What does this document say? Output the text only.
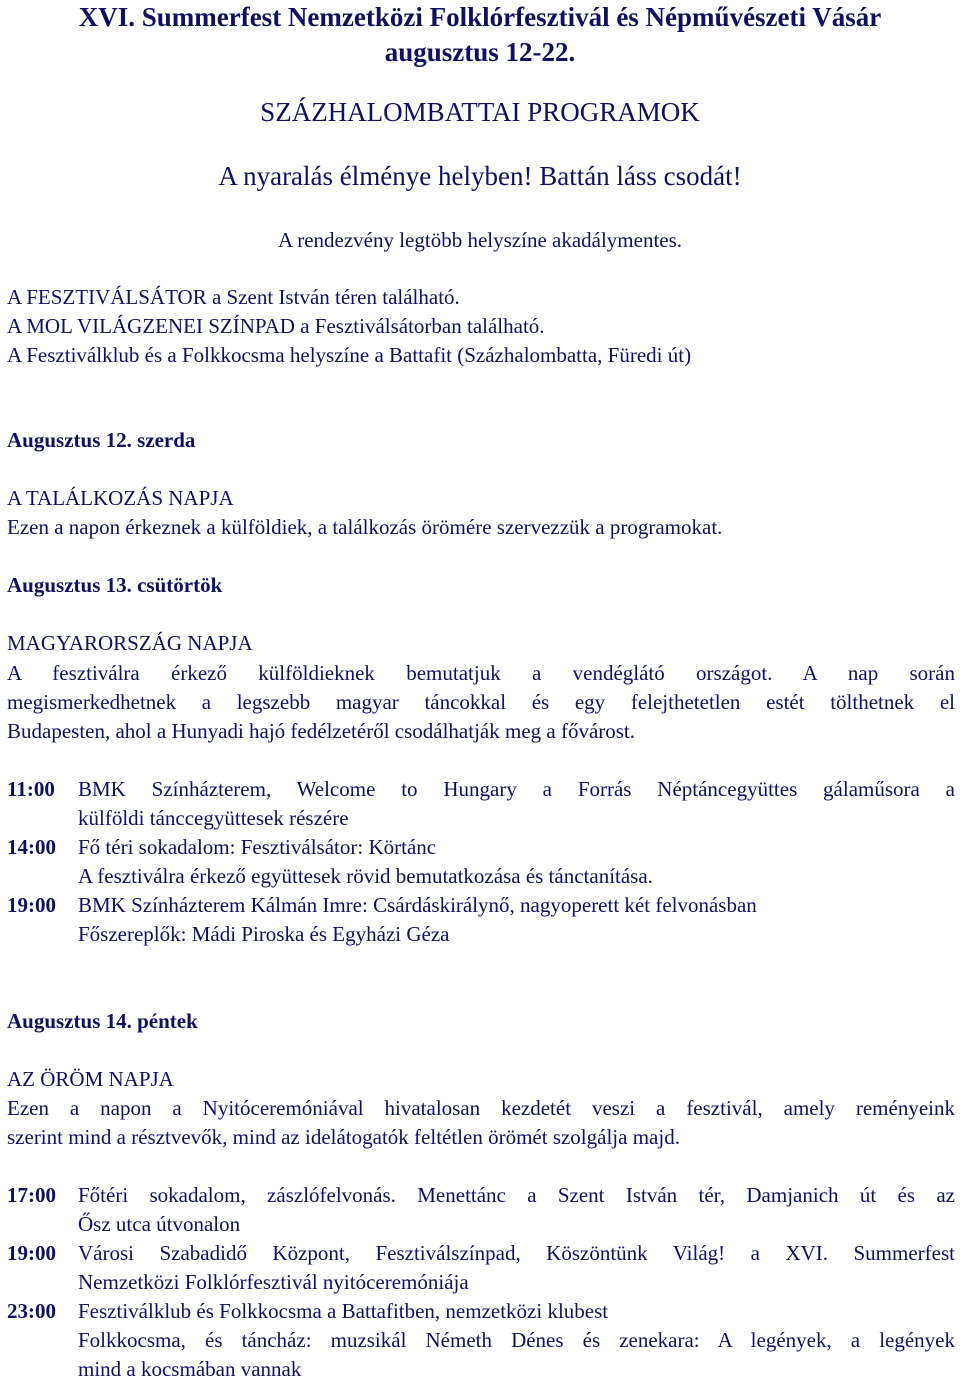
XVI. Summerfest Nemzetközi Folklórfesztivál és Népművészeti Vásár
augusztus 12-22.
SZÁZHALOMBATTAI PROGRAMOK
A nyaralás élménye helyben! Battán láss csodát!
A rendezvény legtöbb helyszíne akadálymentes.
A FESZTIVÁLSÁTOR a Szent István téren található.
A MOL VILÁGZENEI SZÍNPAD a Fesztiválsátorban található.
A Fesztiválklub és a Folkkocsma helyszíne a Battafit (Százhalombatta, Füredi út)
Augusztus 12. szerda
A TALÁLKOZÁS NAPJA
Ezen a napon érkeznek a külföldiek, a találkozás örömére szervezzük a programokat.
Augusztus 13. csütörtök
MAGYARORSZÁG NAPJA
A fesztiválra érkező külföldieknek bemutatjuk a vendéglátó országot. A nap során
megismerkedhetnek a legszebb magyar táncokkal és egy felejthetetlen estét tölthetnek el
Budapesten, ahol a Hunyadi hajó fedélzetéről csodálhatják meg a fővárost.
11:00 BMK Színházterem, Welcome to Hungary a Forrás Néptáncegyüttes gálaműsora a
külföldi tánccegyüttesek részére
14:00 Fő téri sokadalom: Fesztiválsátor: Körtánc
A fesztiválra érkező együttesek rövid bemutatkozása és tánctanítása.
19:00 BMK Színházterem Kálmán Imre: Csárdáskirálynő, nagyoperett két felvonásban
Főszereplők: Mádi Piroska és Egyházi Géza
Augusztus 14. péntek
AZ ÖRÖM NAPJA
Ezen a napon a Nyitóceremóniával hivatalosan kezdetét veszi a fesztivál, amely reményeink
szerint mind a résztvevők, mind az idelátogatók feltétlen örömét szolgálja majd.
17:00 Főtéri sokadalom, zászlófelvonás. Menettánc a Szent István tér, Damjanich út és az
Ősz utca útvonalon
19:00 Városi Szabadidő Központ, Fesztiválszínpad, Köszöntünk Világ! a XVI. Summerfest
Nemzetközi Folklórfesztivál nyitóceremóniája
23:00 Fesztiválklub és Folkkocsma a Battafitben, nemzetközi klubest
Folkkocsma, és táncház: muzsikál Németh Dénes és zenekara: A legények, a legények
mind a kocsmában vannak
